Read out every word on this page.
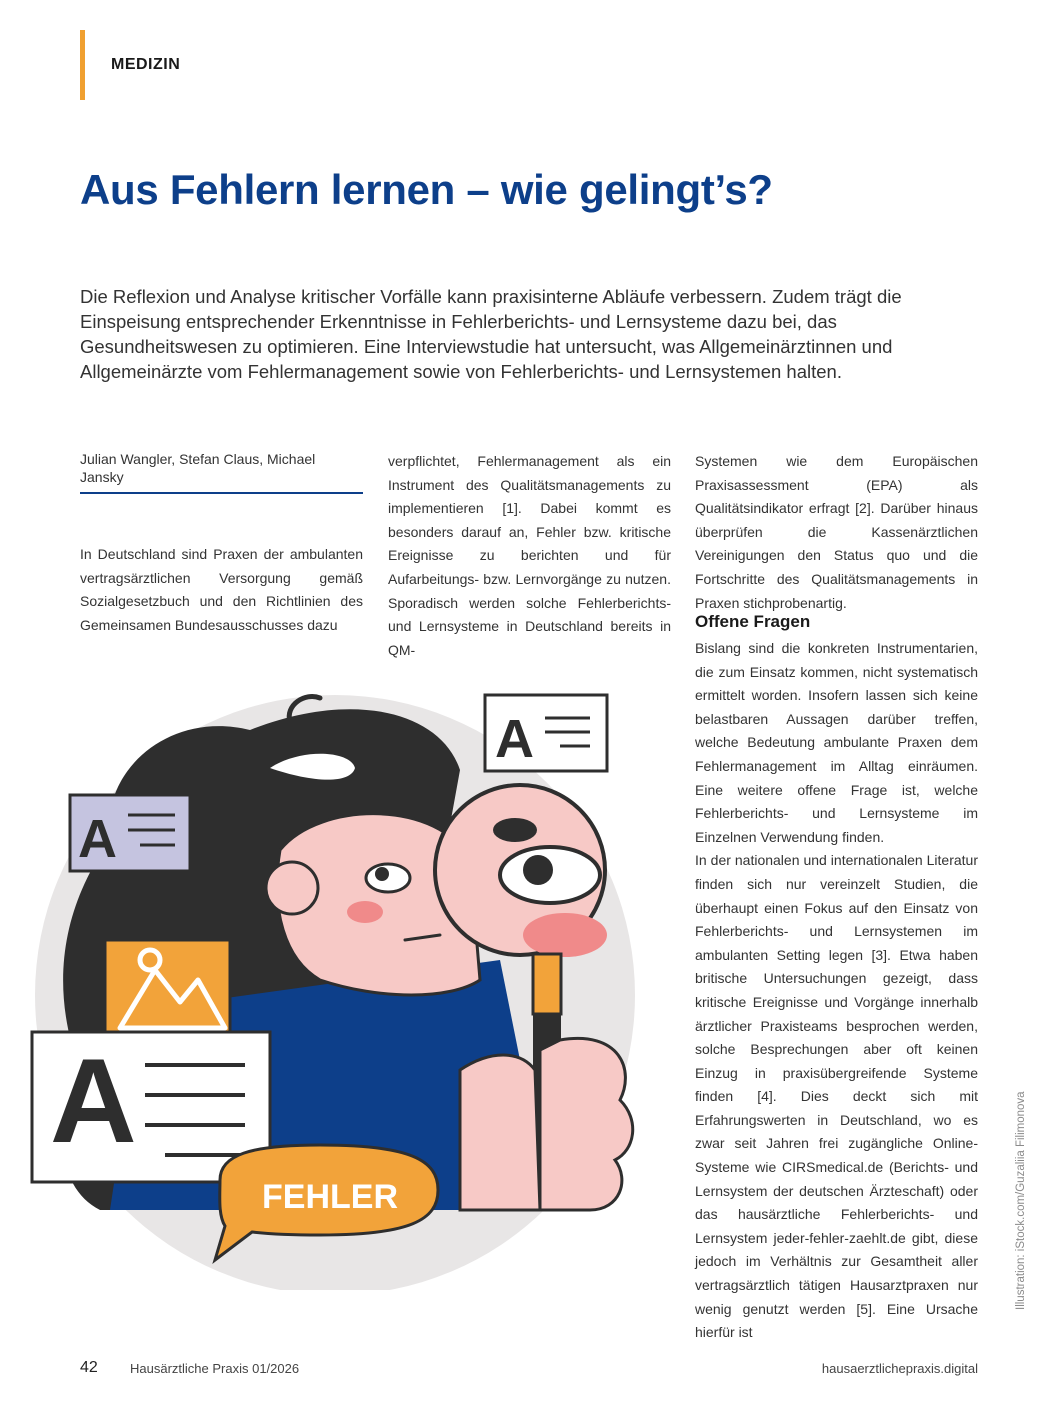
MEDIZIN
Aus Fehlern lernen – wie gelingt’s?

Die Reflexion und Analyse kritischer Vorfälle kann praxisinterne Abläufe verbessern. Zudem trägt die Einspeisung entsprechender Erkenntnisse in Fehlerberichts- und Lernsysteme dazu bei, das Gesundheitswesen zu optimieren. Eine Interviewstudie hat untersucht, was Allgemeinärztinnen und Allgemeinärzte vom Fehlermanagement sowie von Fehlerberichts- und Lernsystemen halten.

Julian Wangler, Stefan Claus, Michael Jansky

In Deutschland sind Praxen der ambulanten vertragsärztlichen Versorgung gemäß Sozialgesetzbuch und den Richtlinien des Gemeinsamen Bundesausschusses dazu

verpflichtet, Fehlermanagement als ein Instrument des Qualitätsmanagements zu implementieren [1]. Dabei kommt es besonders darauf an, Fehler bzw. kritische Ereignisse zu berichten und für Aufarbeitungs- bzw. Lernvorgänge zu nutzen. Sporadisch werden solche Fehlerberichts- und Lernsysteme in Deutschland bereits in QM-

Systemen wie dem Europäischen Praxisassessment (EPA) als Qualitätsindikator erfragt [2]. Darüber hinaus überprüfen die Kassenärztlichen Vereinigungen den Status quo und die Fortschritte des Qualitätsmanagements in Praxen stichprobenartig.

Offene Fragen

Bislang sind die konkreten Instrumentarien, die zum Einsatz kommen, nicht systematisch ermittelt worden. Insofern lassen sich keine belastbaren Aussagen darüber treffen, welche Bedeutung ambulante Praxen dem Fehlermanagement im Alltag einräumen. Eine weitere offene Frage ist, welche Fehlerberichts- und Lernsysteme im Einzelnen Verwendung finden.

In der nationalen und internationalen Literatur finden sich nur vereinzelt Studien, die überhaupt einen Fokus auf den Einsatz von Fehlerberichts- und Lernsystemen im ambulanten Setting legen [3]. Etwa haben britische Untersuchungen gezeigt, dass kritische Ereignisse und Vorgänge innerhalb ärztlicher Praxisteams besprochen werden, solche Besprechungen aber oft keinen Einzug in praxisübergreifende Systeme finden [4]. Dies deckt sich mit Erfahrungswerten in Deutschland, wo es zwar seit Jahren frei zugängliche Online-Systeme wie CIRSmedical.de (Berichts- und Lernsystem der deutschen Ärzteschaft) oder das hausärztliche Fehlerberichts- und Lernsystem jeder-fehler-zaehlt.de gibt, diese jedoch im Verhältnis zur Gesamtheit aller vertragsärztlich tätigen Hausarztpraxen nur wenig genutzt werden [5]. Eine Ursache hierfür ist

A
A
A
FEHLER	Illustration: iStock.com/Guzaliia Filimonova
42 Hausärztliche Praxis 01/2026	hausaerztlichepraxis.digital
